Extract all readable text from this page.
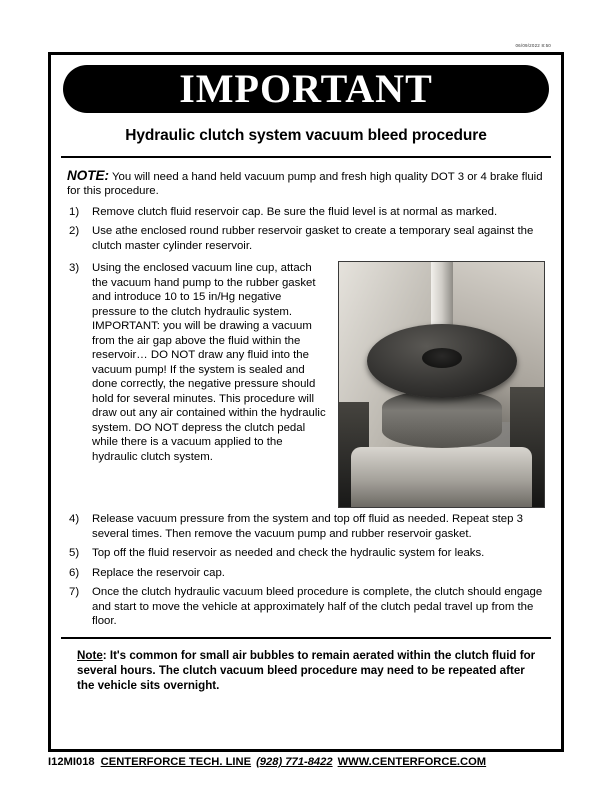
06/09/2022 8:50
IMPORTANT
Hydraulic clutch system vacuum bleed procedure

NOTE: You will need a hand held vacuum pump and fresh high quality DOT 3 or 4 brake fluid for this procedure.

1)	Remove clutch fluid reservoir cap. Be sure the fluid level is at normal as marked.
2)	Use athe enclosed round rubber reservoir gasket to create a temporary seal against the clutch master cylinder reservoir.
3) Using the enclosed vacuum line cup, attach the vacuum hand pump to the rubber gasket and introduce 10 to 15 in/Hg negative pressure to the clutch hydraulic system. IMPORTANT: you will be drawing a vacuum from the air gap above the fluid within the reservoir… DO NOT draw any fluid into the vacuum pump! If the system is sealed and done correctly, the negative pressure should hold for several minutes. This procedure will draw out any air contained within the hydraulic system. DO NOT depress the clutch pedal while there is a vacuum applied to the hydraulic clutch system.
4)	Release vacuum pressure from the system and top off fluid as needed. Repeat step 3 several times. Then remove the vacuum pump and rubber reservoir gasket.
5)	Top off the fluid reservoir as needed and check the hydraulic system for leaks.
6)	Replace the reservoir cap.
7)	Once the clutch hydraulic vacuum bleed procedure is complete, the clutch should engage and start to move the vehicle at approximately half of the clutch pedal travel up from the floor.
Note: It's common for small air bubbles to remain aerated within the clutch fluid for several hours. The clutch vacuum bleed procedure may need to be repeated after the vehicle sits overnight.
I12MI018 CENTERFORCE TECH. LINE (928) 771-8422 WWW.CENTERFORCE.COM
